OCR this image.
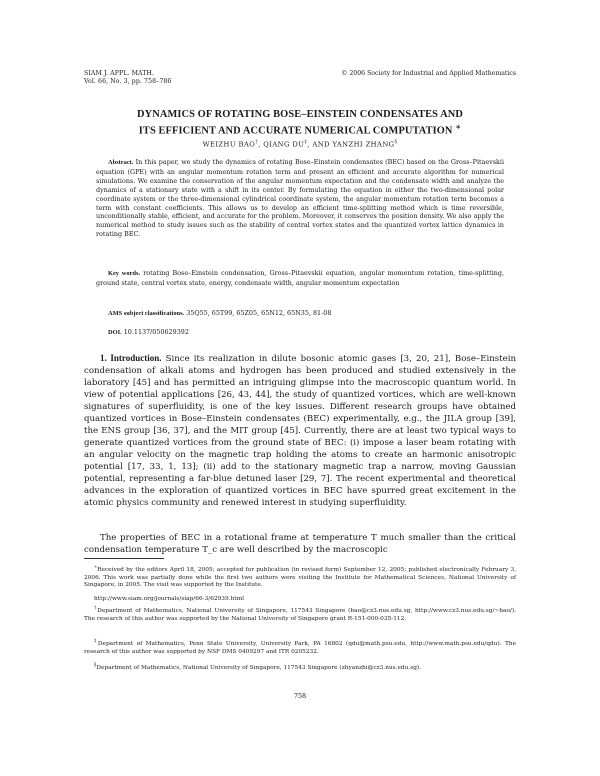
SIAM J. APPL. MATH.
Vol. 66, No. 3, pp. 758–786
© 2006 Society for Industrial and Applied Mathematics
DYNAMICS OF ROTATING BOSE–EINSTEIN CONDENSATES AND
ITS EFFICIENT AND ACCURATE NUMERICAL COMPUTATION ∗
WEIZHU BAO†, QIANG DU‡, AND YANZHI ZHANG§

Abstract. In this paper, we study the dynamics of rotating Bose–Einstein condensates (BEC) based on the Gross–Pitaevskii equation (GPE) with an angular momentum rotation term and present an efficient and accurate algorithm for numerical simulations. We examine the conservation of the angular momentum expectation and the condensate width and analyze the dynamics of a stationary state with a shift in its center. By formulating the equation in either the two-dimensional polar coordinate system or the three-dimensional cylindrical coordinate system, the angular momentum rotation term becomes a term with constant coefficients. This allows us to develop an efficient time-splitting method which is time reversible, unconditionally stable, efficient, and accurate for the problem. Moreover, it conserves the position density. We also apply the numerical method to study issues such as the stability of central vortex states and the quantized vortex lattice dynamics in rotating BEC.

Key words. rotating Bose–Einstein condensation, Gross–Pitaevskii equation, angular momentum rotation, time-splitting, ground state, central vortex state, energy, condensate width, angular momentum expectation

AMS subject classifications. 35Q55, 65T99, 65Z05, 65N12, 65N35, 81-08

DOI. 10.1137/050629392

1. Introduction. Since its realization in dilute bosonic atomic gases [3, 20, 21], Bose–Einstein condensation of alkali atoms and hydrogen has been produced and studied extensively in the laboratory [45] and has permitted an intriguing glimpse into the macroscopic quantum world. In view of potential applications [26, 43, 44], the study of quantized vortices, which are well-known signatures of superfluidity, is one of the key issues. Different research groups have obtained quantized vortices in Bose–Einstein condensates (BEC) experimentally, e.g., the JILA group [39], the ENS group [36, 37], and the MIT group [45]. Currently, there are at least two typical ways to generate quantized vortices from the ground state of BEC: (i) impose a laser beam rotating with an angular velocity on the magnetic trap holding the atoms to create an harmonic anisotropic potential [17, 33, 1, 13]; (ii) add to the stationary magnetic trap a narrow, moving Gaussian potential, representing a far-blue detuned laser [29, 7]. The recent experimental and theoretical advances in the exploration of quantized vortices in BEC have spurred great excitement in the atomic physics community and renewed interest in studying superfluidity.

The properties of BEC in a rotational frame at temperature T much smaller than the critical condensation temperature T_c are well described by the macroscopic

∗Received by the editors April 18, 2005; accepted for publication (in revised form) September 12, 2005; published electronically February 3, 2006. This work was partially done while the first two authors were visiting the Institute for Mathematical Sciences, National University of Singapore, in 2005. The visit was supported by the Institute.

http://www.siam.org/journals/siap/66-3/62939.html

†Department of Mathematics, National University of Singapore, 117543 Singapore (bao@cz3.nus.edu.sg, http://www.cz3.nus.edu.sg/~bao/). The research of this author was supported by the National University of Singapore grant R-151-000-035-112.

‡Department of Mathematics, Penn State University, University Park, PA 16802 (qdu@math.psu.edu, http://www.math.psu.edu/qdu). The research of this author was supported by NSF DMS 0409297 and ITR 0205232.

§Department of Mathematics, National University of Singapore, 117543 Singapore (zhyanzhi@cz3.nus.edu.sg).

758
